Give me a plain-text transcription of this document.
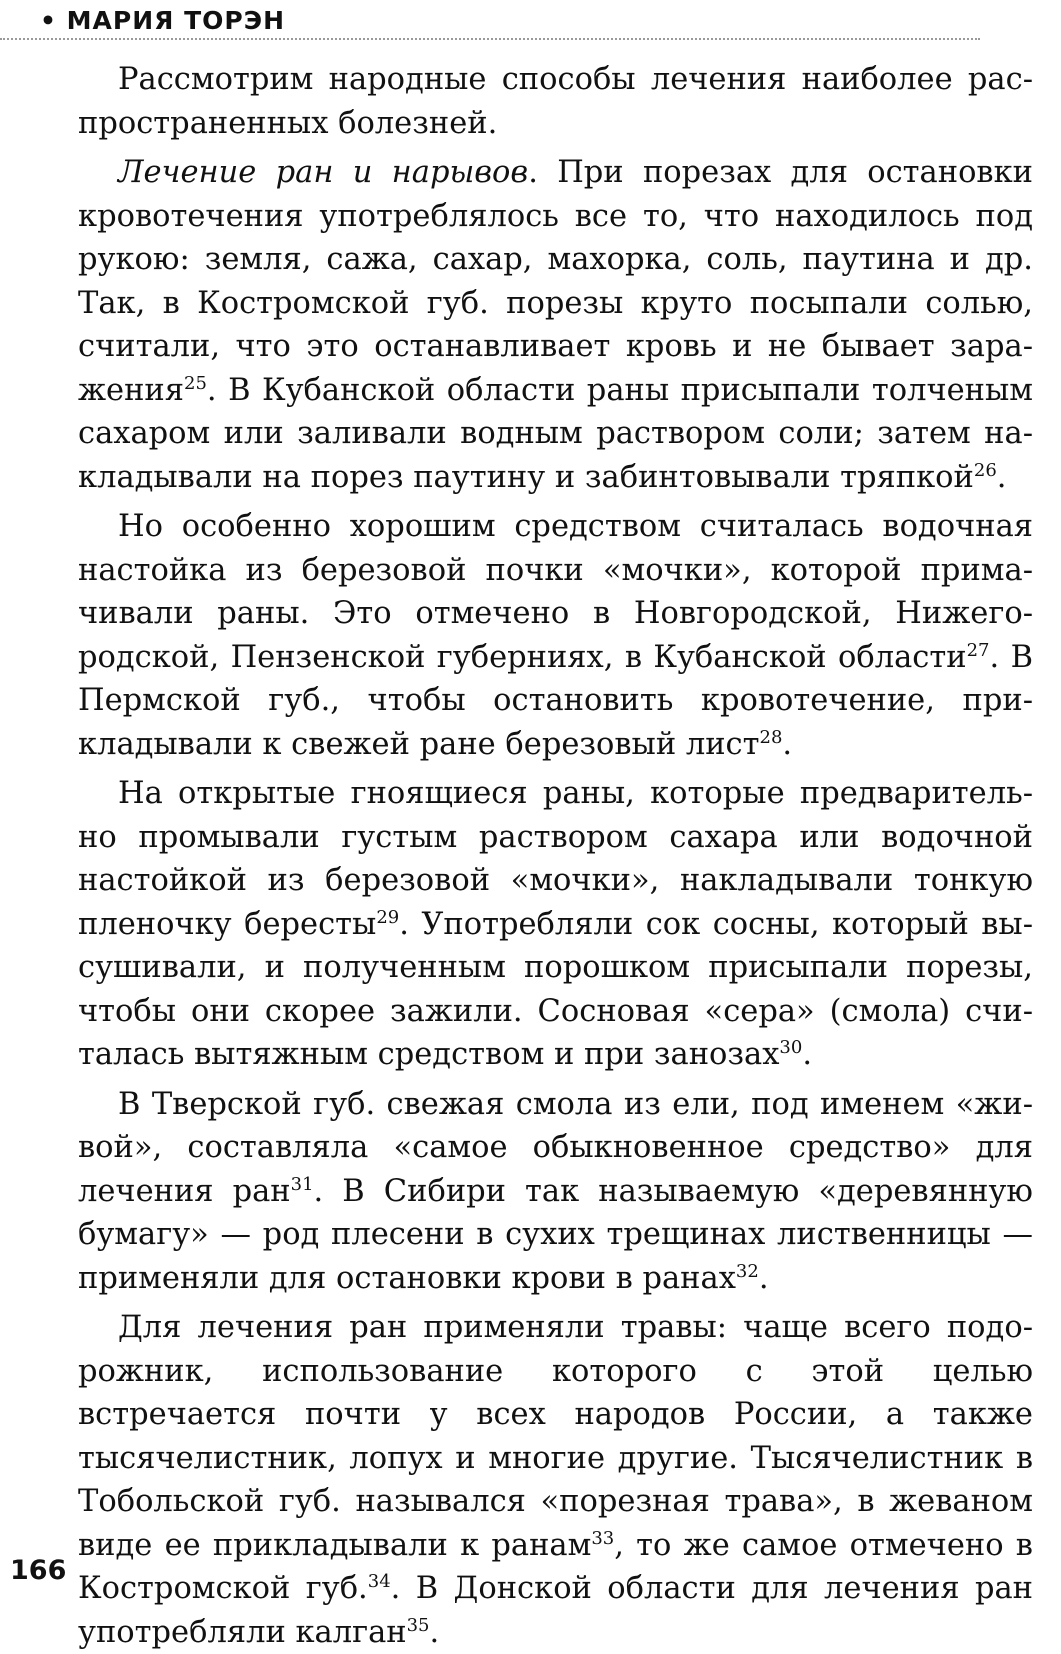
• МАРИЯ ТОРЭН

Рассмотрим народные способы лечения наиболее распространенных болезней.

Лечение ран и нарывов. При порезах для остановки кровотечения употреблялось все то, что находилось под рукою: земля, сажа, сахар, махорка, соль, паутина и др. Так, в Костромской губ. порезы круто посыпали солью, считали, что это останавливает кровь и не бывает заражения$^{25}$. В Кубанской области раны присыпали толченым сахаром или заливали водным раствором соли; затем накладывали на порез паутину и забинтовывали тряпкой$^{26}$.

Но особенно хорошим средством считалась водочная настойка из березовой почки «мочки», которой примачивали раны. Это отмечено в Новгородской, Нижегородской, Пензенской губерниях, в Кубанской области$^{27}$. В Пермской губ., чтобы остановить кровотечение, прикладывали к свежей ране березовый лист$^{28}$.

На открытые гноящиеся раны, которые предварительно промывали густым раствором сахара или водочной настойкой из березовой «мочки», накладывали тонкую пленочку бересты$^{29}$. Употребляли сок сосны, который высушивали, и полученным порошком присыпали порезы, чтобы они скорее зажили. Сосновая «сера» (смола) считалась вытяжным средством и при занозах$^{30}$.

В Тверской губ. свежая смола из ели, под именем «живой», составляла «самое обыкновенное средство» для лечения ран$^{31}$. В Сибири так называемую «деревянную бумагу» — род плесени в сухих трещинах лиственницы — применяли для остановки крови в ранах$^{32}$.

Для лечения ран применяли травы: чаще всего подорожник, использование которого с этой целью встречается почти у всех народов России, а также тысячелистник, лопух и многие другие. Тысячелистник в Тобольской губ. назывался «порезная трава», в жеваном виде ее прикладывали к ранам$^{33}$, то же самое отмечено в Костромской губ.$^{34}$. В Донской области для лечения ран употребляли калган$^{35}$.

166
